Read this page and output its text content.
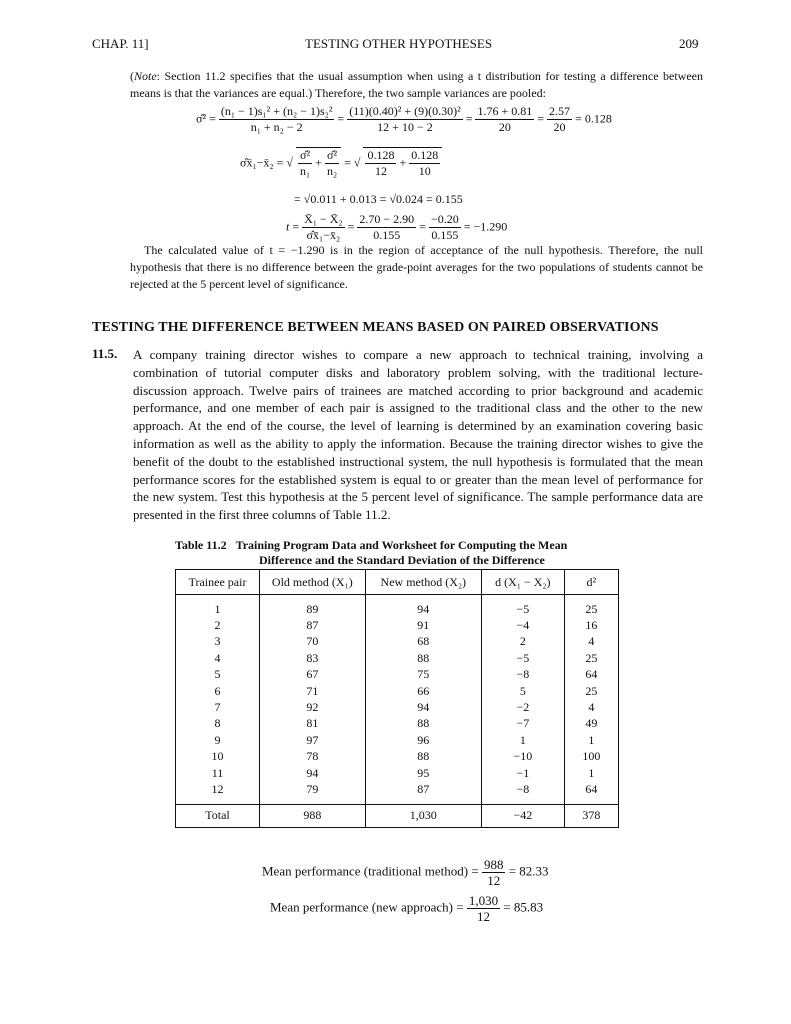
CHAP. 11]	TESTING OTHER HYPOTHESES	209
(Note: Section 11.2 specifies that the usual assumption when using a t distribution for testing a difference between means is that the variances are equal.) Therefore, the two sample variances are pooled:
σ̂² = $\frac{\text{(n₁ − 1)s₁² + (n₂ − 1)s₂²}}{\text{n₁ + n₂ − 2}} = \frac{\text{(11)(0.40)² + (9)(0.30)²}}{12 + 10 - 2} = \frac{1.76 + 0.81}{20} = \frac{2.57}{20} = 0.128$
σ̂x̄₁−x̄₂ = √ $\frac{\text{σ̂²}}{\text{n₁}} + \frac{\text{σ̂²}}{\text{n₂}}$ = √ $\frac{0.128}{12} + \frac{0.128}{10}$
= √0.011 + 0.013 = √0.024 = 0.155
$t = \frac{\text{X̄₁ − X̄₂}}{\text{σ̂x̄₁−x̄₂}} = \frac{2.70 - 2.90}{0.155} = \frac{-0.20}{0.155} = -1.290$
The calculated value of t = −1.290 is in the region of acceptance of the null hypothesis. Therefore, the null hypothesis that there is no difference between the grade-point averages for the two populations of students cannot be rejected at the 5 percent level of significance.
TESTING THE DIFFERENCE BETWEEN MEANS BASED ON PAIRED OBSERVATIONS
11.5. A company training director wishes to compare a new approach to technical training, involving a combination of tutorial computer disks and laboratory problem solving, with the traditional lecture-discussion approach. Twelve pairs of trainees are matched according to prior background and academic performance, and one member of each pair is assigned to the traditional class and the other to the new approach. At the end of the course, the level of learning is determined by an examination covering basic information as well as the ability to apply the information. Because the training director wishes to give the benefit of the doubt to the established instructional system, the null hypothesis is formulated that the mean performance scores for the established system is equal to or greater than the mean level of performance for the new system. Test this hypothesis at the 5 percent level of significance. The sample performance data are presented in the first three columns of Table 11.2.
Table 11.2 Training Program Data and Worksheet for Computing the Mean
Difference and the Standard Deviation of the Difference
Trainee pair	Old method (X₁)	New method (X₂)	d (X₁ − X₂)	d²
1	89	94	−5	25
2	87	91	−4	16
3	70	68	2	4
4	83	88	−5	25
5	67	75	−8	64
6	71	66	5	25
7	92	94	−2	4
8	81	88	−7	49
9	97	96	1	1
10	78	88	−10	100
11	94	95	−1	1
12	79	87	−8	64
Total	988	1,030	−42	378
Mean performance (traditional method) = $\frac{988}{12} = 82.33$
Mean performance (new approach) = $\frac{1,030}{12} = 85.83$
